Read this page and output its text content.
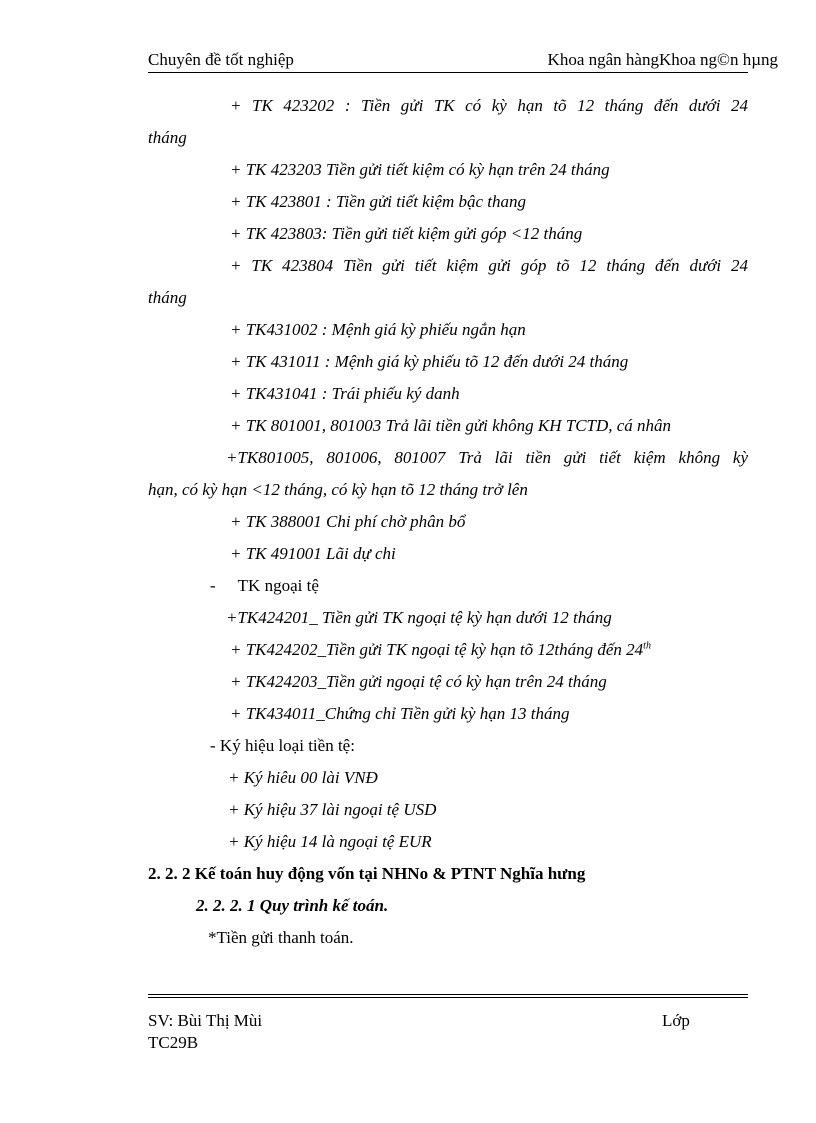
Chuyên đề tốt nghiệp	Khoa ngân hàngKhoa ng©n hµng
+ TK 423202 : Tiền gửi TK có kỳ hạn tõ 12 tháng đến dưới 24
tháng
+ TK 423203 Tiền gửi tiết kiệm có kỳ hạn trên 24 tháng
+ TK 423801 : Tiền gửi tiết kiệm bậc thang
+ TK 423803: Tiền gửi tiết kiệm gửi góp <12 tháng
+ TK 423804 Tiền gửi tiết kiệm gửi góp tõ 12 tháng đến dưới 24
tháng
+ TK431002 : Mệnh giá kỳ phiếu ngắn hạn
+ TK 431011 : Mệnh giá kỳ phiếu tõ 12 đến dưới 24 tháng
+ TK431041 : Trái phiếu ký danh
+ TK 801001, 801003 Trả lãi tiền gửi không KH TCTD, cá nhân
+TK801005, 801006, 801007 Trả lãi tiền gửi tiết kiệm không kỳ
hạn, có kỳ hạn <12 tháng, có kỳ hạn tõ 12 tháng trở lên
+ TK 388001 Chi phí chờ phân bổ
+ TK 491001 Lãi dự chi
- TK ngoại tệ
+TK424201_ Tiền gửi TK ngoại tệ kỳ hạn dưới 12 tháng
+ TK424202_Tiền gửi TK ngoại tệ kỳ hạn tõ 12tháng đến 24th
+ TK424203_Tiền gửi ngoại tệ có kỳ hạn trên 24 tháng
+ TK434011_Chứng chỉ Tiền gửi kỳ hạn 13 tháng
- Ký hiệu loại tiền tệ:
+ Ký hiêu 00 lài VNĐ
+ Ký hiệu 37 lài ngoại tệ USD
+ Ký hiệu 14 là ngoại tệ EUR
2. 2. 2 Kế toán huy động vốn tại NHNo & PTNT Nghĩa hưng
2. 2. 2. 1 Quy trình kế toán.
*Tiền gửi thanh toán.
SV: Bùi Thị Mùi	Lớp
TC29B
